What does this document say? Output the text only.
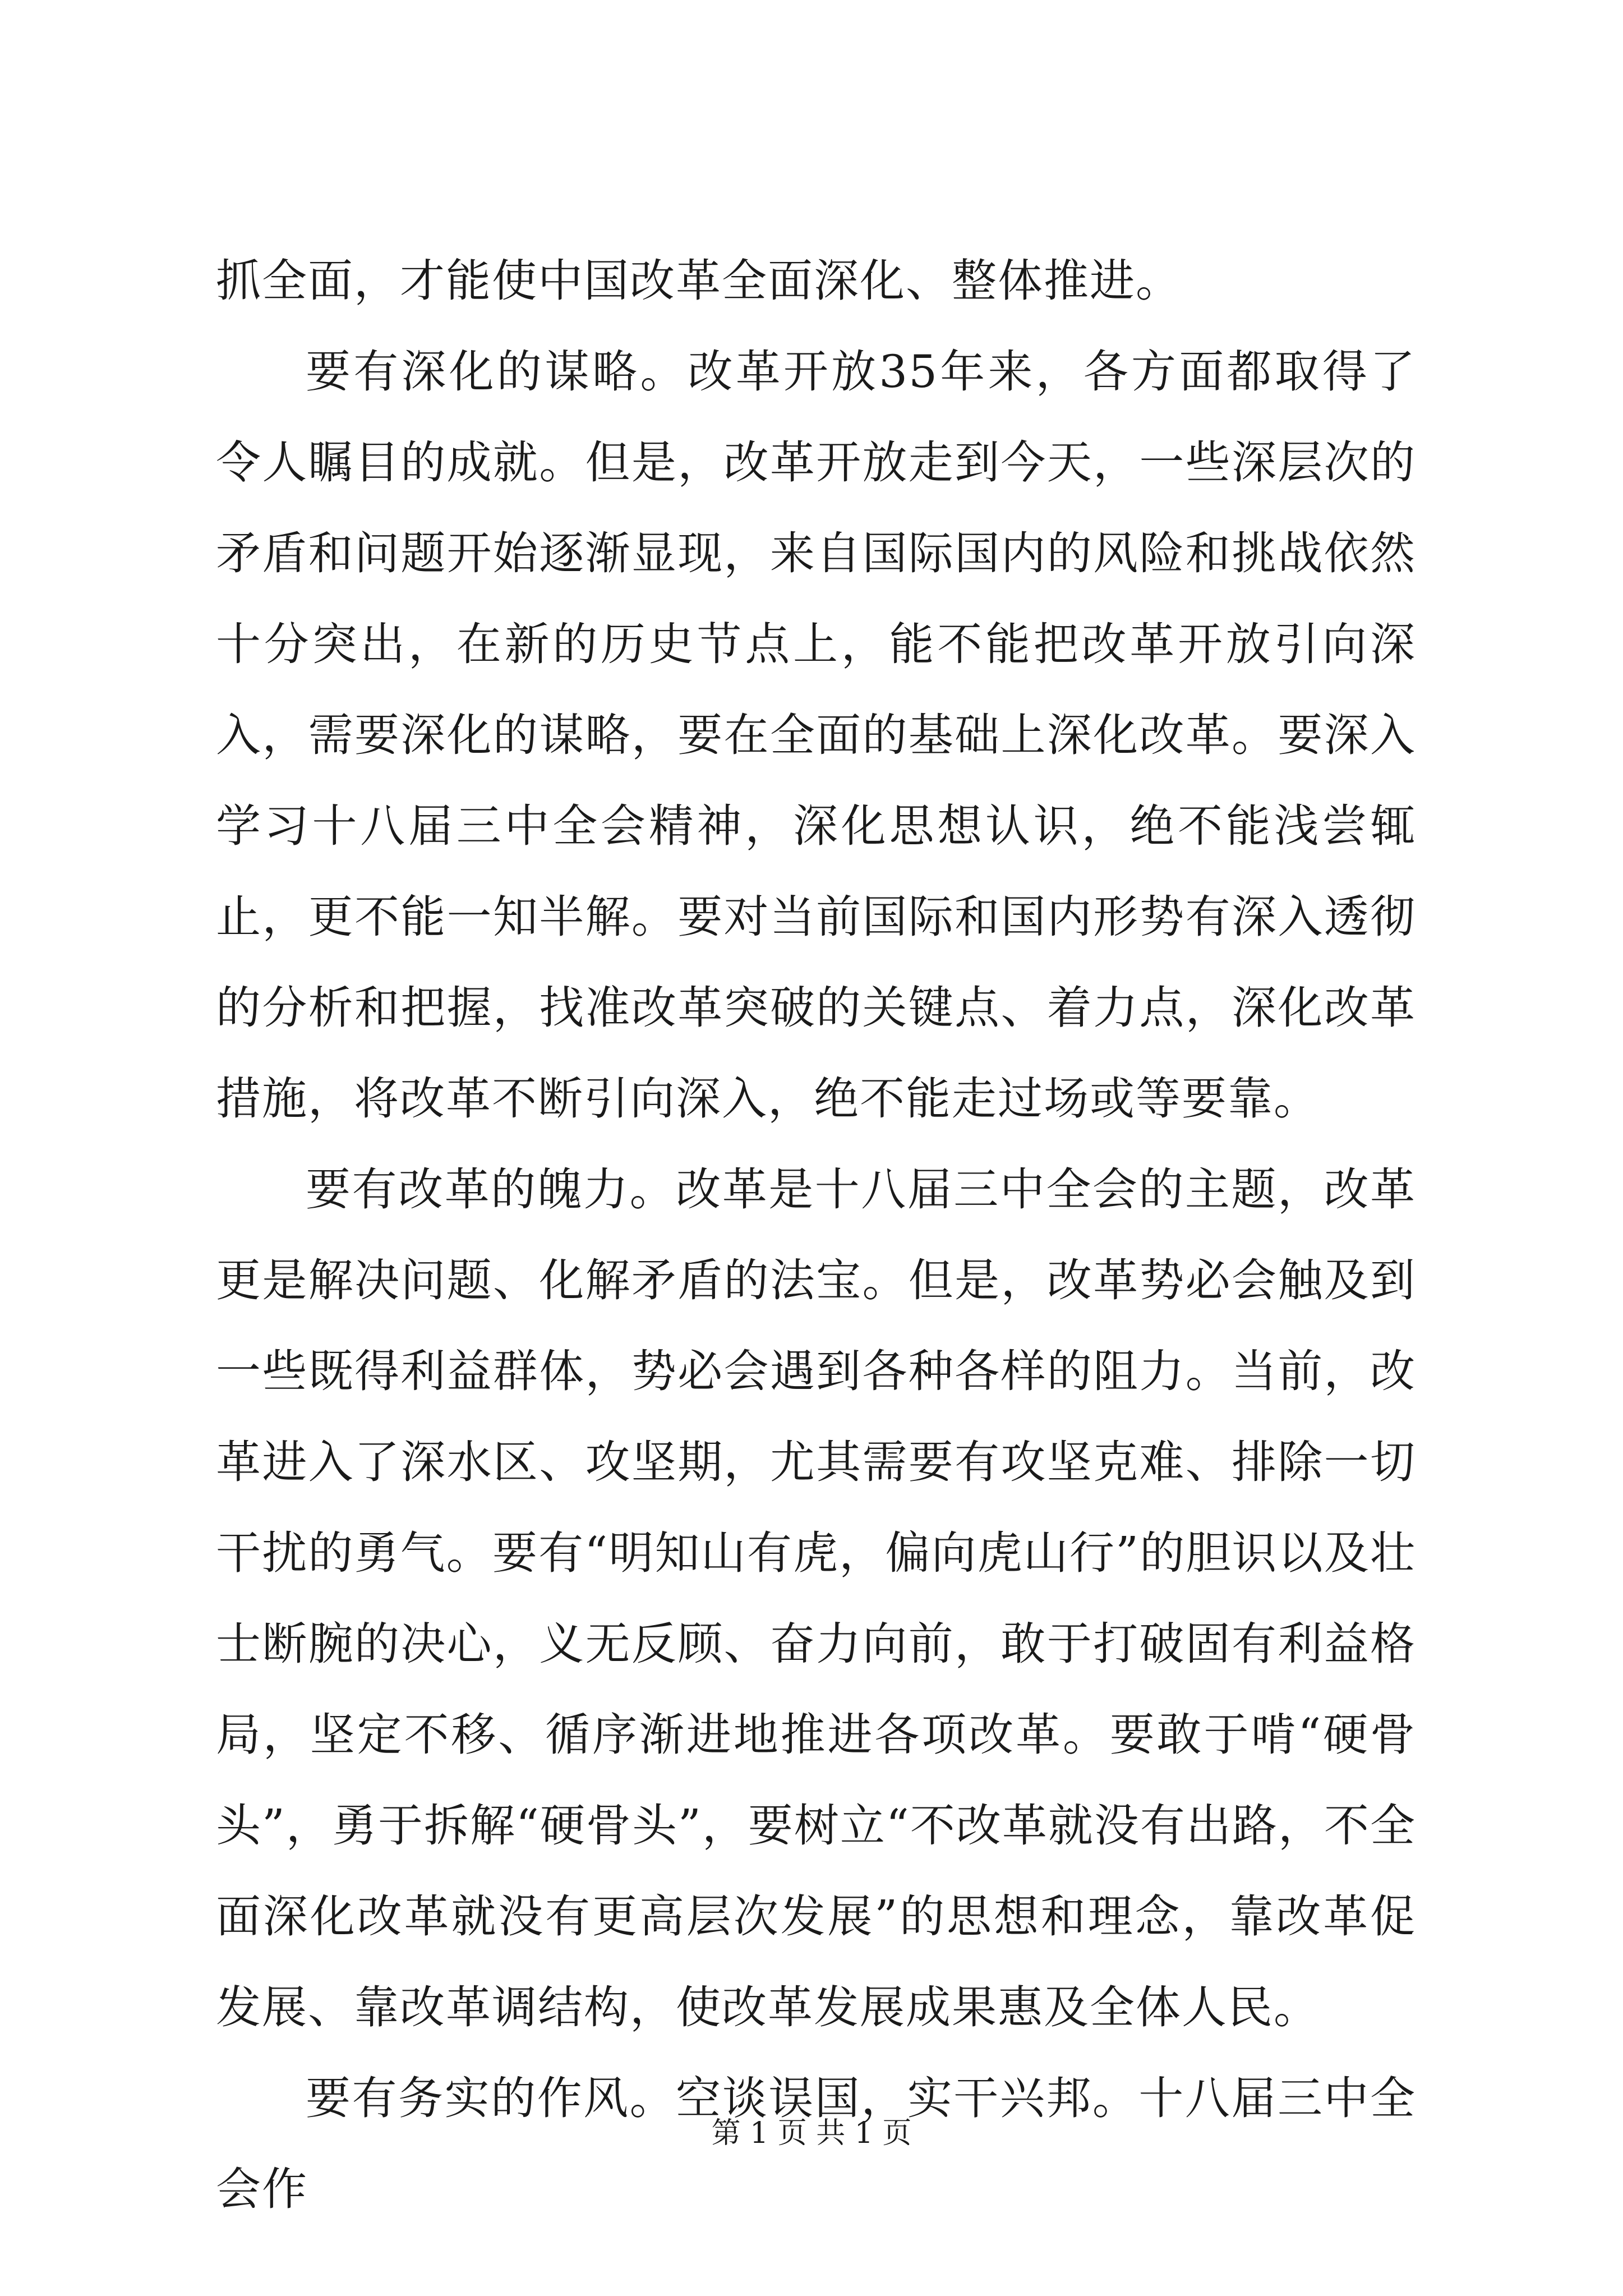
抓全面，才能使中国改革全面深化、整体推进。

要有深化的谋略。改革开放35年来，各方面都取得了令人瞩目的成就。但是，改革开放走到今天，一些深层次的矛盾和问题开始逐渐显现，来自国际国内的风险和挑战依然十分突出，在新的历史节点上，能不能把改革开放引向深入，需要深化的谋略，要在全面的基础上深化改革。要深入学习十八届三中全会精神，深化思想认识，绝不能浅尝辄止，更不能一知半解。要对当前国际和国内形势有深入透彻的分析和把握，找准改革突破的关键点、着力点，深化改革措施，将改革不断引向深入，绝不能走过场或等要靠。

要有改革的魄力。改革是十八届三中全会的主题，改革更是解决问题、化解矛盾的法宝。但是，改革势必会触及到一些既得利益群体，势必会遇到各种各样的阻力。当前，改革进入了深水区、攻坚期，尤其需要有攻坚克难、排除一切干扰的勇气。要有“明知山有虎，偏向虎山行”的胆识以及壮士断腕的决心，义无反顾、奋力向前，敢于打破固有利益格局，坚定不移、循序渐进地推进各项改革。要敢于啃“硬骨头”，勇于拆解“硬骨头”，要树立“不改革就没有出路，不全面深化改革就没有更高层次发展”的思想和理念，靠改革促发展、靠改革调结构，使改革发展成果惠及全体人民。

要有务实的作风。空谈误国，实干兴邦。十八届三中全会作

第 1 页 共 1 页
